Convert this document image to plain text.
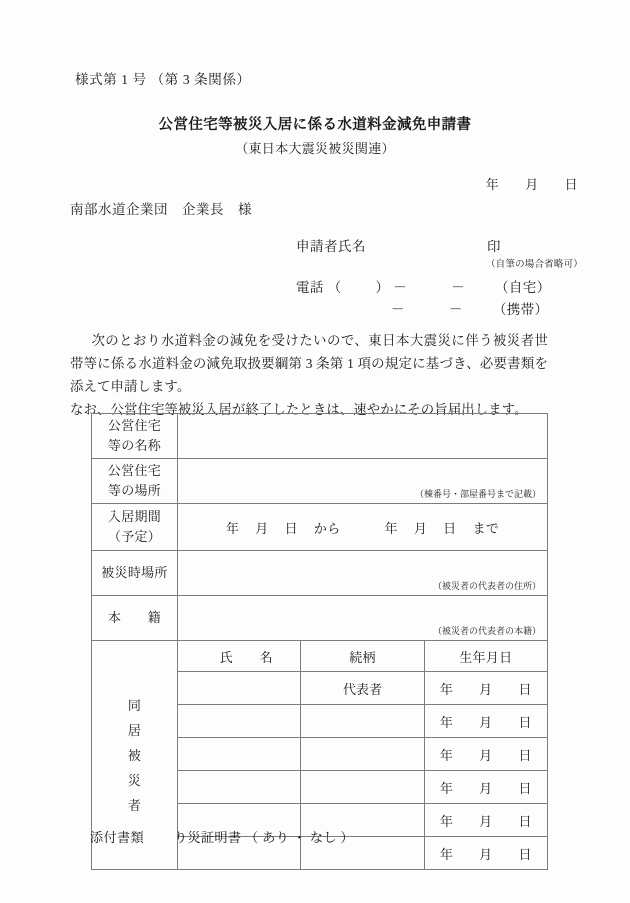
様式第 1 号 （第 3 条関係）
公営住宅等被災入居に係る水道料金減免申請書
（東日本大震災被災関連）
年 月 日
南部水道企業団　企業長　様
申請者氏名	印
（自筆の場合省略可）
電話 （	） －	－ （自宅）
－	－ （携帯）

次のとおり水道料金の減免を受けたいので、東日本大震災に伴う被災者世帯等に係る水道料金の減免取扱要綱第 3 条第 1 項の規定に基づき、必要書類を添えて申請します。

なお、公営住宅等被災入居が終了したときは、速やかにその旨届出します。

公営住宅
等の名称			

公営住宅
等の場所	（棟番号・部屋番号まで記載）		

入居期間
（予定）	年 月 日 から 年 月 日 まで		

被災時場所	（被災者の代表者の住所）		

本　　籍	（被災者の代表者の本籍）		

同
居
被
災
者	氏　　名	続柄	生年月日
		代表者	年 月 日
			年 月 日
			年 月 日
			年 月 日
			年 月 日
			年 月 日
添付書類 り災証明書 （ あり ・ なし ）
